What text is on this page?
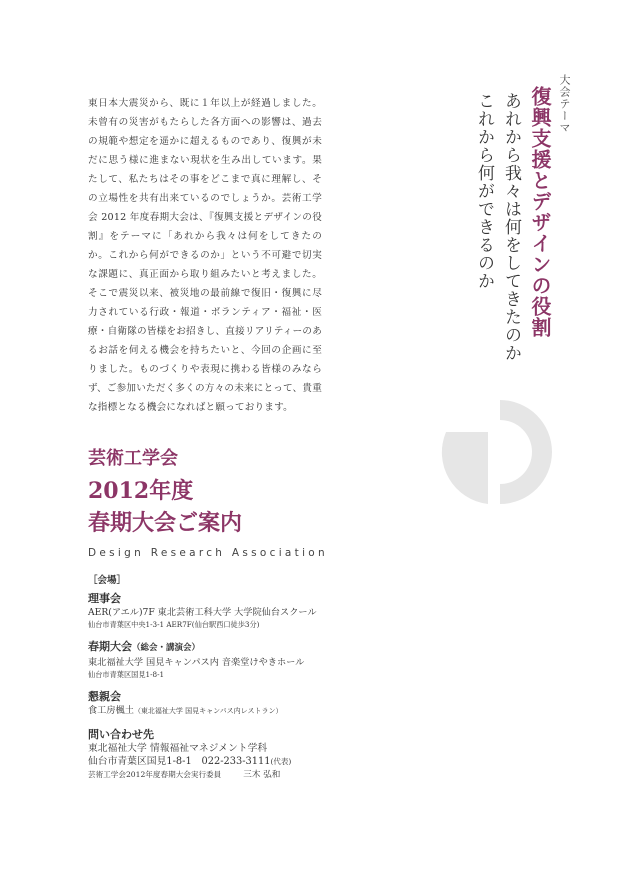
大会テーマ
復興支援とデザインの役割
あれから我々は何をしてきたのか
これから何ができるのか

東日本大震災から、既に１年以上が経過しました。未曾有の災害がもたらした各方面への影響は、過去の規範や想定を遥かに超えるものであり、復興が未だに思う様に進まない現状を生み出しています。果たして、私たちはその事をどこまで真に理解し、その立場性を共有出来ているのでしょうか。芸術工学会 2012 年度春期大会は、『復興支援とデザインの役割』をテーマに「あれから我々は何をしてきたのか。これから何ができるのか」という不可避で切実な課題に、真正面から取り組みたいと考えました。そこで震災以来、被災地の最前線で復旧・復興に尽力されている行政・報道・ボランティア・福祉・医療・自衛隊の皆様をお招きし、直接リアリティーのあるお話を伺える機会を持ちたいと、今回の企画に至りました。ものづくりや表現に携わる皆様のみならず、ご参加いただく多くの方々の未来にとって、貴重な指標となる機会になればと願っております。

芸術工学会
2012年度
春期大会ご案内
Design Research Association
［会場］
理事会
AER(アエル)7F 東北芸術工科大学 大学院仙台スクール
仙台市青葉区中央1-3-1 AER7F(仙台駅西口徒歩3分)
春期大会（総会・講演会）
東北福祉大学 国見キャンパス内 音楽堂けやきホール
仙台市青葉区国見1-8-1
懇親会
食工房楓土（東北福祉大学 国見キャンパス内レストラン）
問い合わせ先
東北福祉大学 情報福祉マネジメント学科
仙台市青葉区国見1-8-1　022-233-3111(代表)
芸術工学会2012年度春期大会実行委員	三木 弘和
